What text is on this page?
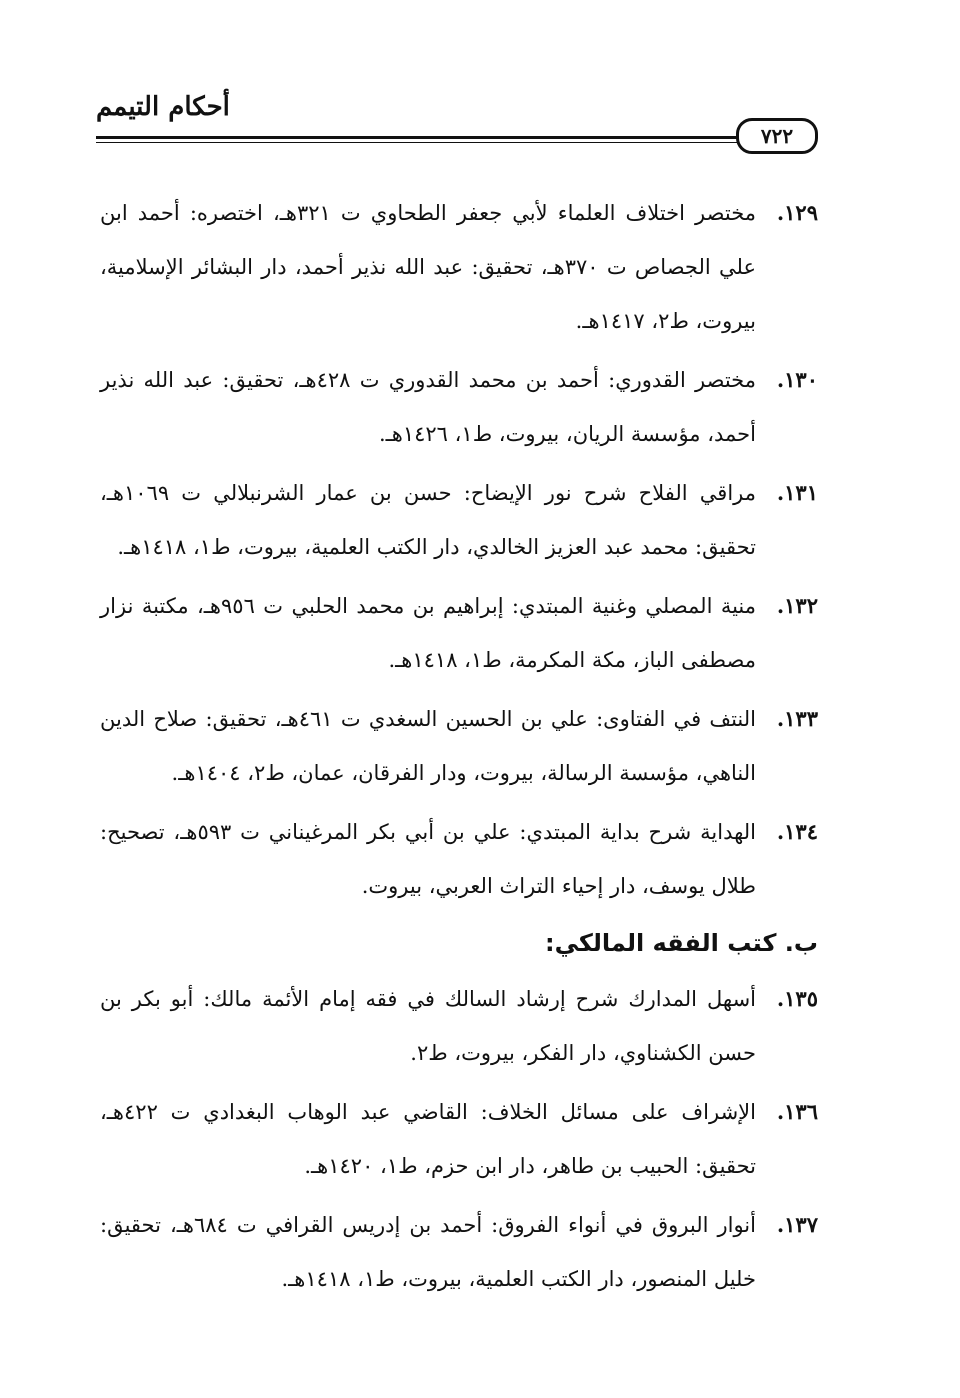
أحكام التيمم
٧٢٢
١٢٩.
مختصر اختلاف العلماء لأبي جعفر الطحاوي ت ٣٢١هـ، اختصره: أحمد ابن علي الجصاص ت ٣٧٠هـ، تحقيق: عبد الله نذير أحمد، دار البشائر الإسلامية، بيروت، ط٢، ١٤١٧هـ.
١٣٠.
مختصر القدوري: أحمد بن محمد القدوري ت ٤٢٨هـ، تحقيق: عبد الله نذير أحمد، مؤسسة الريان، بيروت، ط١، ١٤٢٦هـ.
١٣١.
مراقي الفلاح شرح نور الإيضاح: حسن بن عمار الشرنبلالي ت ١٠٦٩هـ، تحقيق: محمد عبد العزيز الخالدي، دار الكتب العلمية، بيروت، ط١، ١٤١٨هـ.
١٣٢.
منية المصلي وغنية المبتدي: إبراهيم بن محمد الحلبي ت ٩٥٦هـ، مكتبة نزار مصطفى الباز، مكة المكرمة، ط١، ١٤١٨هـ.
١٣٣.
النتف في الفتاوى: علي بن الحسين السغدي ت ٤٦١هـ، تحقيق: صلاح الدين الناهي، مؤسسة الرسالة، بيروت، ودار الفرقان، عمان، ط٢، ١٤٠٤هـ.
١٣٤.
الهداية شرح بداية المبتدي: علي بن أبي بكر المرغيناني ت ٥٩٣هـ، تصحيح: طلال يوسف، دار إحياء التراث العربي، بيروت.
ب. كتب الفقه المالكي:
١٣٥.
أسهل المدارك شرح إرشاد السالك في فقه إمام الأئمة مالك: أبو بكر بن حسن الكشناوي، دار الفكر، بيروت، ط٢.
١٣٦.
الإشراف على مسائل الخلاف: القاضي عبد الوهاب البغدادي ت ٤٢٢هـ، تحقيق: الحبيب بن طاهر، دار ابن حزم، ط١، ١٤٢٠هـ.
١٣٧.
أنوار البروق في أنواء الفروق: أحمد بن إدريس القرافي ت ٦٨٤هـ، تحقيق: خليل المنصور، دار الكتب العلمية، بيروت، ط١، ١٤١٨هـ.
